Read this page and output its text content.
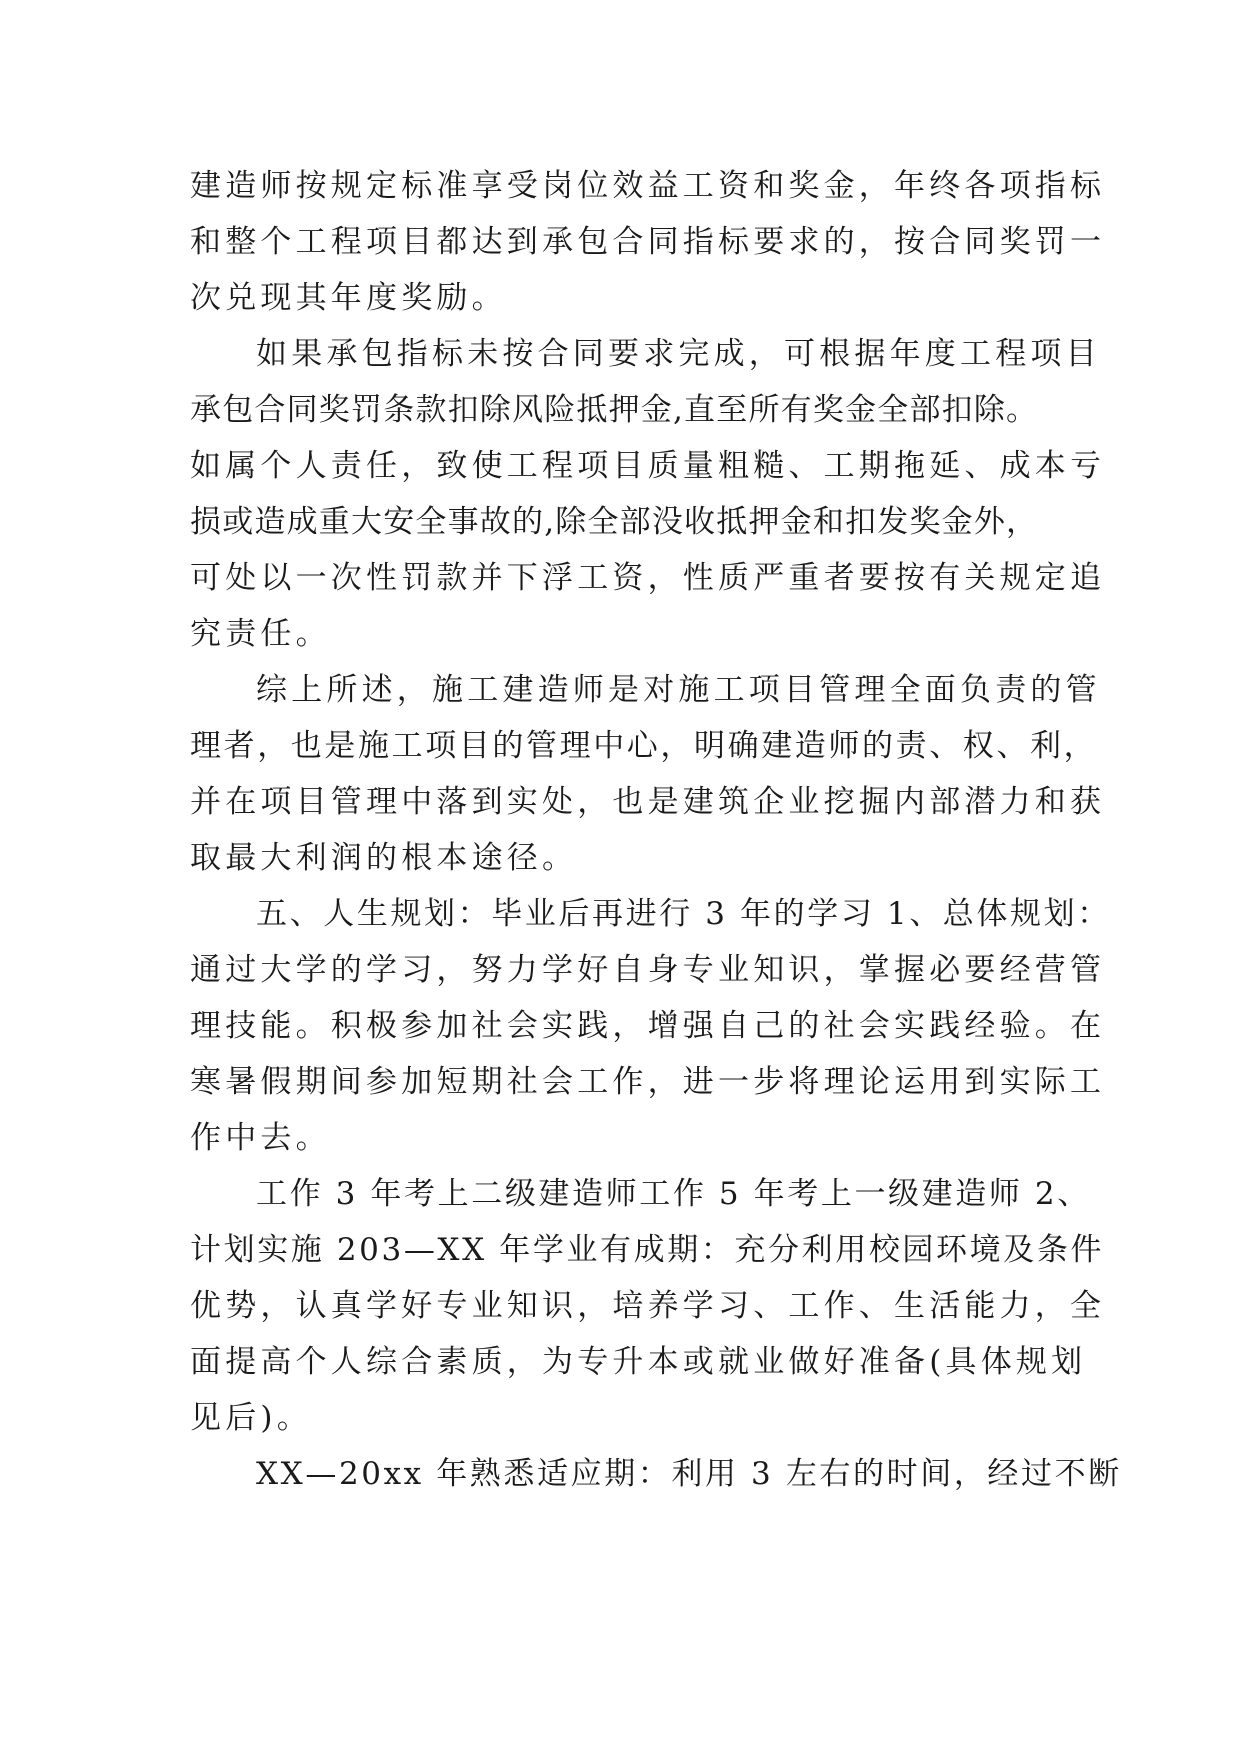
建造师按规定标准享受岗位效益工资和奖金，年终各项指标
和整个工程项目都达到承包合同指标要求的，按合同奖罚一
次兑现其年度奖励。
如果承包指标未按合同要求完成，可根据年度工程项目
承包合同奖罚条款扣除风险抵押金,直至所有奖金全部扣除。
如属个人责任，致使工程项目质量粗糙、工期拖延、成本亏
损或造成重大安全事故的,除全部没收抵押金和扣发奖金外，
可处以一次性罚款并下浮工资，性质严重者要按有关规定追
究责任。
综上所述，施工建造师是对施工项目管理全面负责的管
理者，也是施工项目的管理中心，明确建造师的责、权、利，
并在项目管理中落到实处，也是建筑企业挖掘内部潜力和获
取最大利润的根本途径。
五、人生规划：毕业后再进行 3 年的学习 1、总体规划：
通过大学的学习，努力学好自身专业知识，掌握必要经营管
理技能。积极参加社会实践，增强自己的社会实践经验。在
寒暑假期间参加短期社会工作，进一步将理论运用到实际工
作中去。
工作 3 年考上二级建造师工作 5 年考上一级建造师 2、
计划实施 203—XX 年学业有成期：充分利用校园环境及条件
优势，认真学好专业知识，培养学习、工作、生活能力，全
面提高个人综合素质，为专升本或就业做好准备(具体规划
见后)。
XX—20xx 年熟悉适应期：利用 3 左右的时间，经过不断
